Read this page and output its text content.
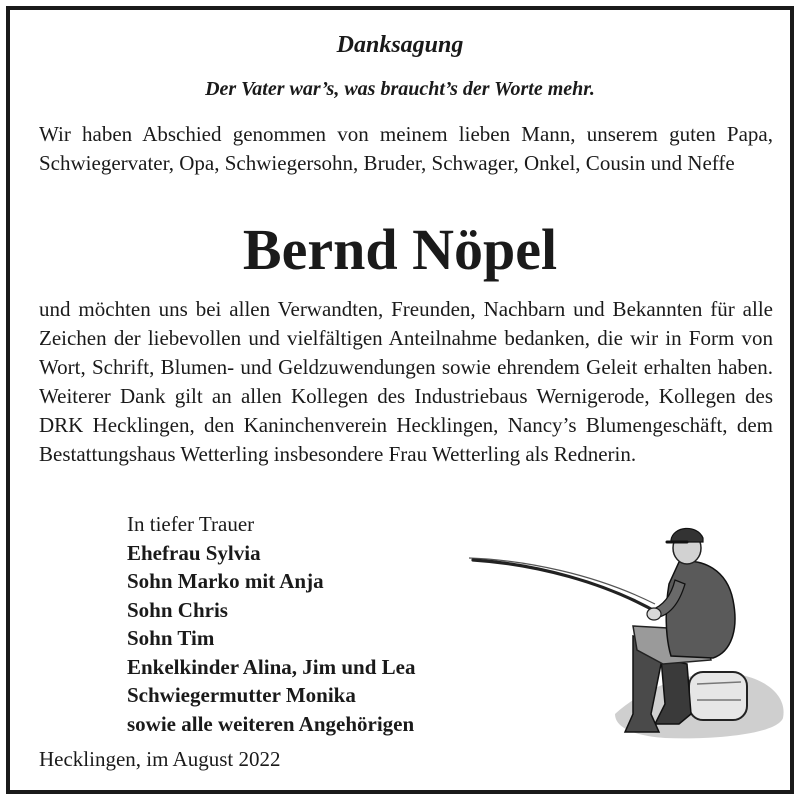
Danksagung
Der Vater war’s, was braucht’s der Worte mehr.
Wir haben Abschied genommen von meinem lieben Mann, unserem guten Papa, Schwiegervater, Opa, Schwiegersohn, Bruder, Schwager, Onkel, Cousin und Neffe
Bernd Nöpel
und möchten uns bei allen Verwandten, Freunden, Nachbarn und Bekannten für alle Zeichen der liebevollen und vielfältigen Anteilnahme bedanken, die wir in Form von Wort, Schrift, Blumen- und Geldzuwendungen sowie ehrendem Geleit erhalten haben. Weiterer Dank gilt an allen Kollegen des Industriebaus Wernigerode, Kollegen des DRK Hecklingen, den Kaninchenverein Hecklingen, Nancy’s Blumengeschäft, dem Bestattungshaus Wetterling insbesondere Frau Wetterling als Rednerin.
In tiefer Trauer
Ehefrau Sylvia
Sohn Marko mit Anja
Sohn Chris
Sohn Tim
Enkelkinder Alina, Jim und Lea
Schwiegermutter Monika
sowie alle weiteren Angehörigen
Hecklingen, im August 2022
